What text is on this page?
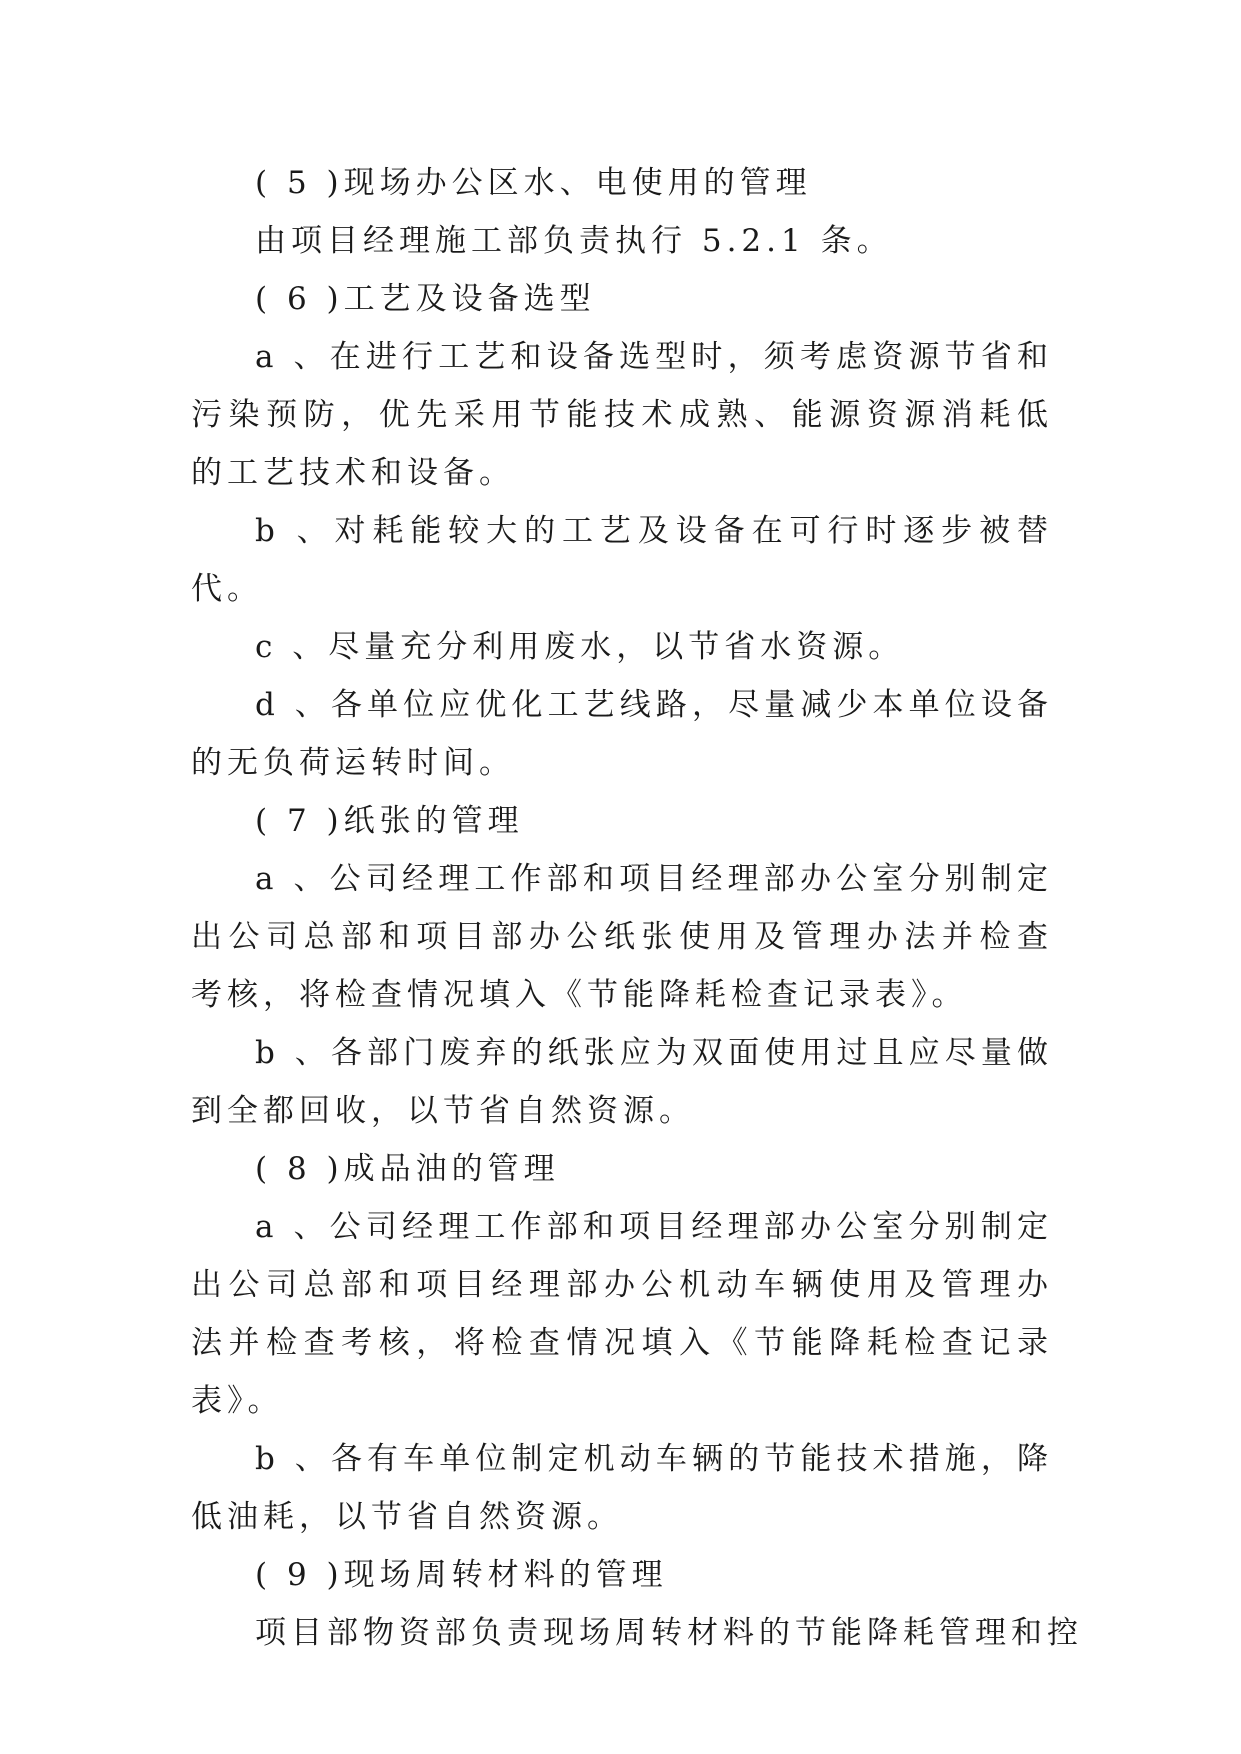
( 5 )现场办公区水、电使用的管理

由项目经理施工部负责执行 5.2.1 条。

( 6 )工艺及设备选型

a 、在进行工艺和设备选型时，须考虑资源节省和污染预防，优先采用节能技术成熟、能源资源消耗低的工艺技术和设备。

b 、对耗能较大的工艺及设备在可行时逐步被替代。

c 、尽量充分利用废水，以节省水资源。

d 、各单位应优化工艺线路，尽量减少本单位设备的无负荷运转时间。

( 7 )纸张的管理

a 、公司经理工作部和项目经理部办公室分别制定出公司总部和项目部办公纸张使用及管理办法并检查考核，将检查情况填入《节能降耗检查记录表》。

b 、各部门废弃的纸张应为双面使用过且应尽量做到全都回收，以节省自然资源。

( 8 )成品油的管理

a 、公司经理工作部和项目经理部办公室分别制定出公司总部和项目经理部办公机动车辆使用及管理办法并检查考核，将检查情况填入《节能降耗检查记录表》。

b 、各有车单位制定机动车辆的节能技术措施，降低油耗，以节省自然资源。

( 9 )现场周转材料的管理

项目部物资部负责现场周转材料的节能降耗管理和控
